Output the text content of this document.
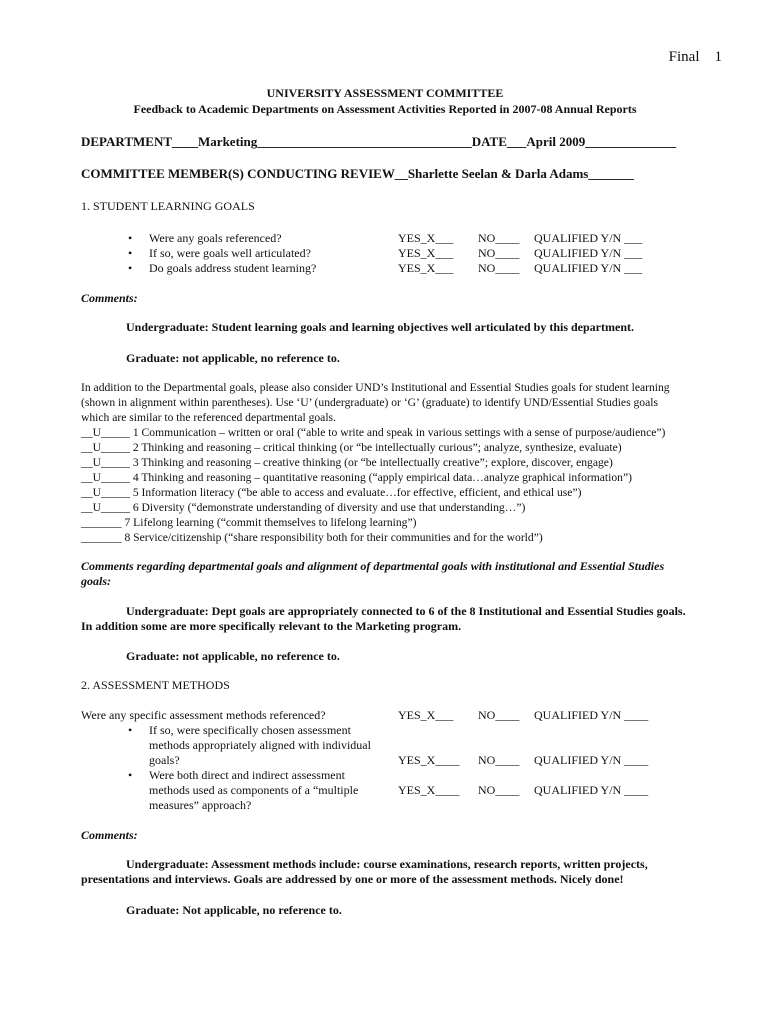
Final    1
UNIVERSITY ASSESSMENT COMMITTEE
Feedback to Academic Departments on Assessment Activities Reported in 2007-08 Annual Reports
DEPARTMENT____Marketing_________________________________DATE___April 2009______________
COMMITTEE MEMBER(S) CONDUCTING REVIEW__Sharlette Seelan & Darla Adams_______
1. STUDENT LEARNING GOALS
• Were any goals referenced?	YES_X___ NO____ QUALIFIED Y/N ___
• If so, were goals well articulated?	YES_X___ NO____ QUALIFIED Y/N ___
• Do goals address student learning?	YES_X___ NO____ QUALIFIED Y/N ___
Comments:
Undergraduate: Student learning goals and learning objectives well articulated by this department.
Graduate: not applicable, no reference to.
In addition to the Departmental goals, please also consider UND’s Institutional and Essential Studies goals for student learning
(shown in alignment within parentheses). Use ‘U’ (undergraduate) or ‘G’ (graduate) to identify UND/Essential Studies goals
which are similar to the referenced departmental goals.
__U_____ 1 Communication – written or oral (“able to write and speak in various settings with a sense of purpose/audience”)
__U_____ 2 Thinking and reasoning – critical thinking (or “be intellectually curious”; analyze, synthesize, evaluate)
__U_____ 3 Thinking and reasoning – creative thinking (or “be intellectually creative”; explore, discover, engage)
__U_____ 4 Thinking and reasoning – quantitative reasoning (“apply empirical data…analyze graphical information”)
__U_____ 5 Information literacy (“be able to access and evaluate…for effective, efficient, and ethical use”)
__U_____ 6 Diversity (“demonstrate understanding of diversity and use that understanding…”)
_______ 7 Lifelong learning (“commit themselves to lifelong learning”)
_______ 8 Service/citizenship (“share responsibility both for their communities and for the world”)
Comments regarding departmental goals and alignment of departmental goals with institutional and Essential Studies
goals:
Undergraduate: Dept goals are appropriately connected to 6 of the 8 Institutional and Essential Studies goals.
In addition some are more specifically relevant to the Marketing program.
Graduate: not applicable, no reference to.
2. ASSESSMENT METHODS
Were any specific assessment methods referenced?	YES_X___ NO____ QUALIFIED Y/N ____
• If so, were specifically chosen assessment
methods appropriately aligned with individual
goals?	YES_X____ NO____ QUALIFIED Y/N ____
• Were both direct and indirect assessment
methods used as components of a “multiple
measures” approach?
YES_X____ NO____ QUALIFIED Y/N ____
Comments:
Undergraduate: Assessment methods include: course examinations, research reports, written projects,
presentations and interviews. Goals are addressed by one or more of the assessment methods. Nicely done!
Graduate: Not applicable, no reference to.
